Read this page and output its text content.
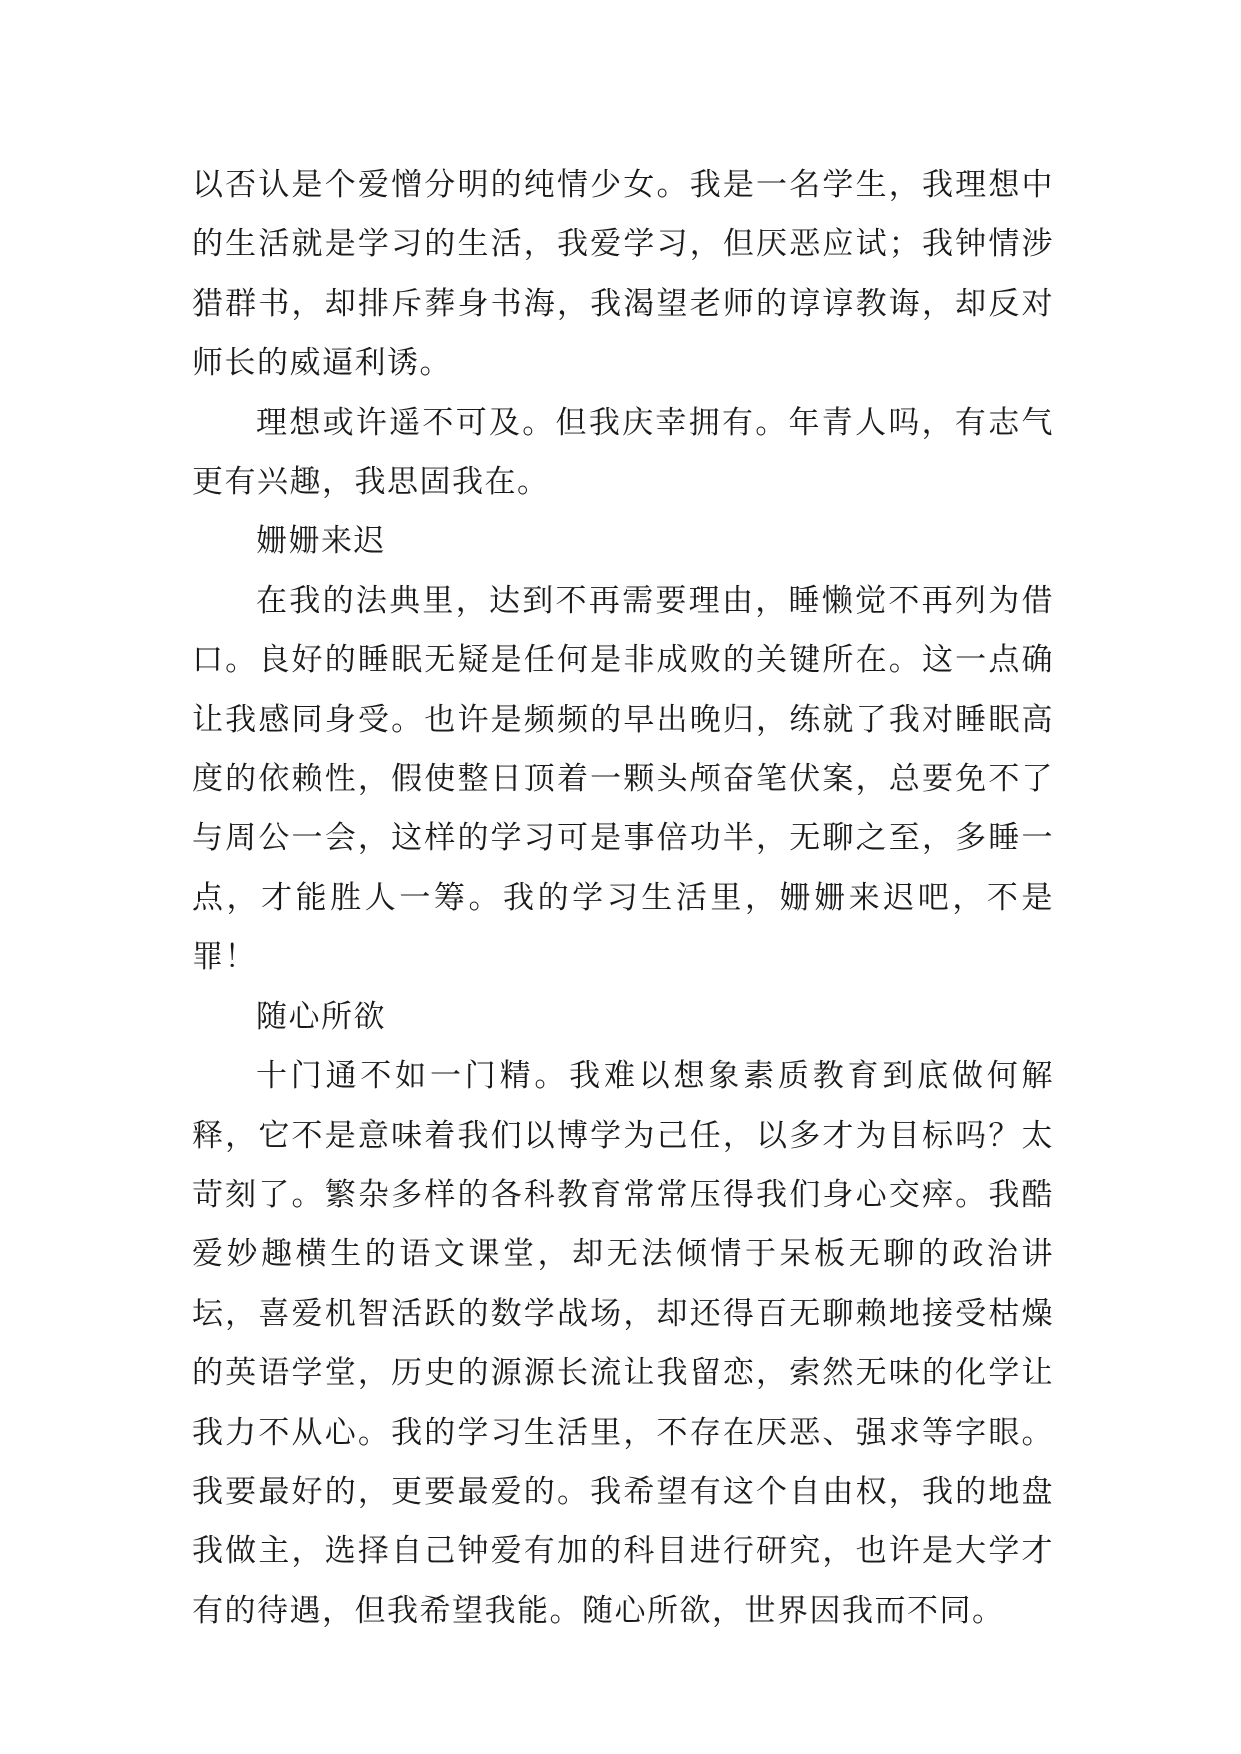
以否认是个爱憎分明的纯情少女。我是一名学生，我理想中的生活就是学习的生活，我爱学习，但厌恶应试；我钟情涉猎群书，却排斥葬身书海，我渴望老师的谆谆教诲，却反对师长的威逼利诱。

理想或许遥不可及。但我庆幸拥有。年青人吗，有志气更有兴趣，我思固我在。

姗姗来迟

在我的法典里，达到不再需要理由，睡懒觉不再列为借口。良好的睡眠无疑是任何是非成败的关键所在。这一点确让我感同身受。也许是频频的早出晚归，练就了我对睡眠高度的依赖性，假使整日顶着一颗头颅奋笔伏案，总要免不了与周公一会，这样的学习可是事倍功半，无聊之至，多睡一点，才能胜人一筹。我的学习生活里，姗姗来迟吧，不是罪！

随心所欲

十门通不如一门精。我难以想象素质教育到底做何解释，它不是意味着我们以博学为己任，以多才为目标吗？太苛刻了。繁杂多样的各科教育常常压得我们身心交瘁。我酷爱妙趣横生的语文课堂，却无法倾情于呆板无聊的政治讲坛，喜爱机智活跃的数学战场，却还得百无聊赖地接受枯燥的英语学堂，历史的源源长流让我留恋，索然无味的化学让我力不从心。我的学习生活里，不存在厌恶、强求等字眼。我要最好的，更要最爱的。我希望有这个自由权，我的地盘我做主，选择自己钟爱有加的科目进行研究，也许是大学才有的待遇，但我希望我能。随心所欲，世界因我而不同。
